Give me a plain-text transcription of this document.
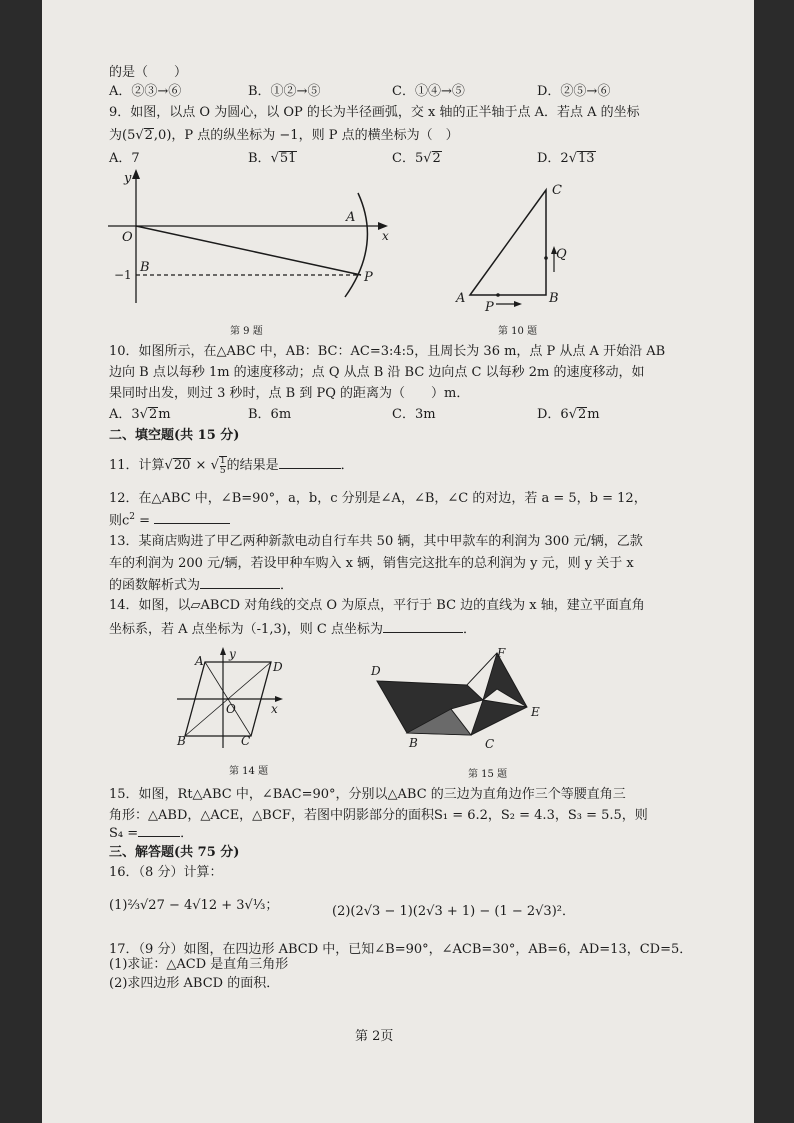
的是（　　）
A．②③→⑥	B．①②→⑤	C．①④→⑤	D．②⑤→⑥
9．如图，以点 O 为圆心，以 OP 的长为半径画弧，交 x 轴的正半轴于点 A．若点 A 的坐标
为(5√2,0)，P 点的纵坐标为 −1，则 P 点的横坐标为（　）
A．7	B．√51	C．5√2	D．2√13
y
x
O
A
B
P
−1
第 9 题
C
A	B
Q
P
第 10 题
10．如图所示，在△ABC 中，AB：BC：AC=3:4:5，且周长为 36 m，点 P 从点 A 开始沿 AB
边向 B 点以每秒 1m 的速度移动；点 Q 从点 B 沿 BC 边向点 C 以每秒 2m 的速度移动，如
果同时出发，则过 3 秒时，点 B 到 PQ 的距离为（　　）m．
A．3√2m	B．6m	C．3m	D．6√2m
二、填空题(共 15 分)
11．计算√20 × √ $\frac{1}{5}$ 的结果是	．
12．在△ABC 中，∠B=90°，a，b，c 分别是∠A，∠B，∠C 的对边，若 a = 5，b = 12，
则$c^2$ =
13．某商店购进了甲乙两种新款电动自行车共 50 辆，其中甲款车的利润为 300 元/辆，乙款
车的利润为 200 元/辆，若设甲种车购入 x 辆，销售完这批车的总利润为 y 元，则 y 关于 x
的函数解析式为	．
14．如图，以▱ABCD 对角线的交点 O 为原点，平行于 BC 边的直线为 x 轴，建立平面直角
坐标系，若 A 点坐标为（-1,3)，则 C 点坐标为	．
A y
D
O	x
B	C
第 14 题
D
F
E
B	C
第 15 题
15．如图，Rt△ABC 中，∠BAC=90°，分别以△ABC 的三边为直角边作三个等腰直角三
角形：△ABD，△ACE，△BCF，若图中阴影部分的面积S₁ = 6.2，S₂ = 4.3，S₃ = 5.5，则
S₄ =	．
三、解答题(共 75 分)
16．（8 分）计算：
(1)⅔√27 − 4√12 + 3√⅓；	(2)(2√3 − 1)(2√3 + 1) − (1 − 2√3)²．
17．（9 分）如图，在四边形 ABCD 中，已知∠B=90°，∠ACB=30°，AB=6，AD=13，CD=5．
(1)求证：△ACD 是直角三角形
(2)求四边形 ABCD 的面积．
第 2页
